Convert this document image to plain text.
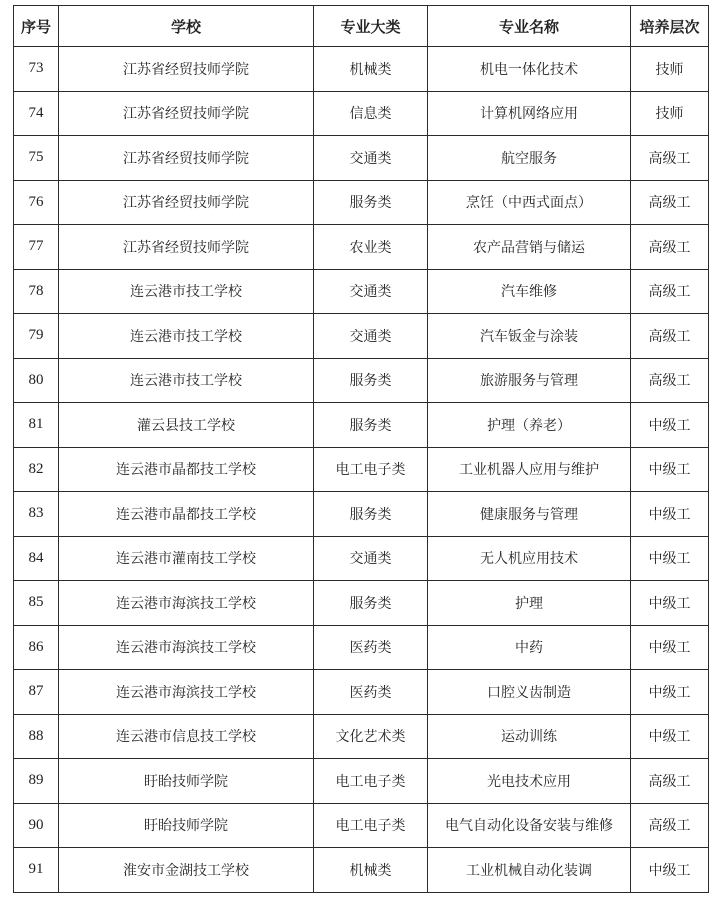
序号	学校	专业大类	专业名称	培养层次
73	江苏省经贸技师学院	机械类	机电一体化技术	技师
74	江苏省经贸技师学院	信息类	计算机网络应用	技师
75	江苏省经贸技师学院	交通类	航空服务	高级工
76	江苏省经贸技师学院	服务类	烹饪（中西式面点）	高级工
77	江苏省经贸技师学院	农业类	农产品营销与储运	高级工
78	连云港市技工学校	交通类	汽车维修	高级工
79	连云港市技工学校	交通类	汽车钣金与涂装	高级工
80	连云港市技工学校	服务类	旅游服务与管理	高级工
81	灌云县技工学校	服务类	护理（养老）	中级工
82	连云港市晶都技工学校	电工电子类	工业机器人应用与维护	中级工
83	连云港市晶都技工学校	服务类	健康服务与管理	中级工
84	连云港市灌南技工学校	交通类	无人机应用技术	中级工
85	连云港市海滨技工学校	服务类	护理	中级工
86	连云港市海滨技工学校	医药类	中药	中级工
87	连云港市海滨技工学校	医药类	口腔义齿制造	中级工
88	连云港市信息技工学校	文化艺术类	运动训练	中级工
89	盱眙技师学院	电工电子类	光电技术应用	高级工
90	盱眙技师学院	电工电子类	电气自动化设备安装与维修	高级工
91	淮安市金湖技工学校	机械类	工业机械自动化装调	中级工
